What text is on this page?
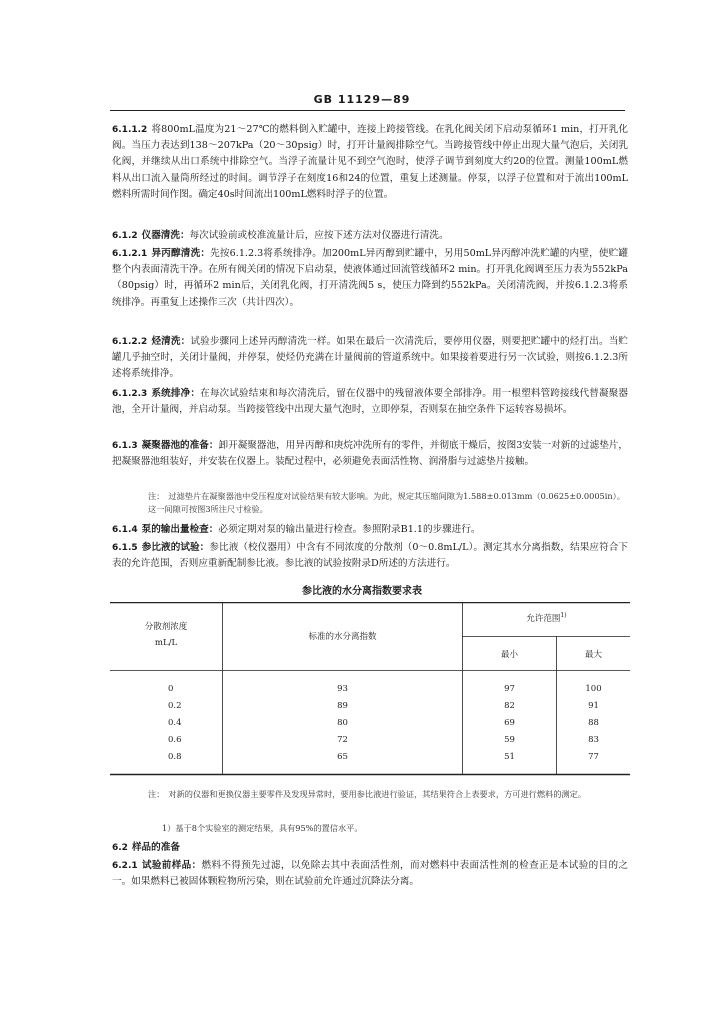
GB 11129—89
6.1.1.2 将800mL温度为21～27℃的燃料倒入贮罐中，连接上跨接管线。在乳化阀关闭下启动泵循环1 min，打开乳化阀。当压力表达到138～207kPa（20～30psig）时，打开计量阀排除空气。当跨接管线中停止出现大量气泡后，关闭乳化阀，并继续从出口系统中排除空气。当浮子流量计见不到空气泡时，使浮子调节到刻度大约20的位置。测量100mL燃料从出口流入量筒所经过的时间。调节浮子在刻度16和24的位置，重复上述测量。停泵，以浮子位置和对于流出100mL燃料所需时间作图。确定40s时间流出100mL燃料时浮子的位置。
6.1.2 仪器清洗：每次试验前或校准流量计后，应按下述方法对仪器进行清洗。
6.1.2.1 异丙醇清洗：先按6.1.2.3将系统排净。加200mL异丙醇到贮罐中，另用50mL异丙醇冲洗贮罐的内壁，使贮罐整个内表面清洗干净。在所有阀关闭的情况下启动泵，使液体通过回流管线循环2 min。打开乳化阀调至压力表为552kPa（80psig）时，再循环2 min后，关闭乳化阀，打开清洗阀5 s，使压力降到约552kPa。关闭清洗阀，并按6.1.2.3将系统排净。再重复上述操作三次（共计四次）。
6.1.2.2 烃清洗：试验步骤同上述异丙醇清洗一样。如果在最后一次清洗后，要停用仪器，则要把贮罐中的烃打出。当贮罐几乎抽空时，关闭计量阀，并停泵，使烃仍充满在计量阀前的管道系统中。如果接着要进行另一次试验，则按6.1.2.3所述将系统排净。
6.1.2.3 系统排净：在每次试验结束和每次清洗后，留在仪器中的残留液体要全部排净。用一根塑料管跨接线代替凝聚器池，全开计量阀，并启动泵。当跨接管线中出现大量气泡时，立即停泵，否则泵在抽空条件下运转容易损坏。
6.1.3 凝聚器池的准备：卸开凝聚器池，用异丙醇和庚烷冲洗所有的零件，并彻底干燥后，按图3安装一对新的过滤垫片，把凝聚器池组装好，并安装在仪器上。装配过程中，必须避免表面活性物、润滑脂与过滤垫片接触。
注： 过滤垫片在凝聚器池中受压程度对试验结果有较大影响。为此，规定其压缩间隙为1.588±0.013mm（0.0625±0.0005in）。这一间隙可按图3所注尺寸检验。
6.1.4 泵的输出量检查：必须定期对泵的输出量进行检查。参照附录B1.1的步骤进行。
6.1.5 参比液的试验：参比液（校仪器用）中含有不同浓度的分散剂（0～0.8mL/L）。测定其水分离指数，结果应符合下表的允许范围，否则应重新配制参比液。参比液的试验按附录D所述的方法进行。
参比液的水分离指数要求表
分散剂浓度
mL/L
标准的水分离指数
允许范围$^{1)}$
最小	最大
0	93	97	100
0.2	89	82	91
0.4	80	69	88
0.6	72	59	83
0.8	65	51	77
注： 对新的仪器和更换仪器主要零件及发现异常时，要用参比液进行验证，其结果符合上表要求，方可进行燃料的测定。
1）基于8个实验室的测定结果，具有95%的置信水平。
6.2 样品的准备
6.2.1 试验前样品：燃料不得预先过滤，以免除去其中表面活性剂，而对燃料中表面活性剂的检查正是本试验的目的之一。如果燃料已被固体颗粒物所污染，则在试验前允许通过沉降法分离。
